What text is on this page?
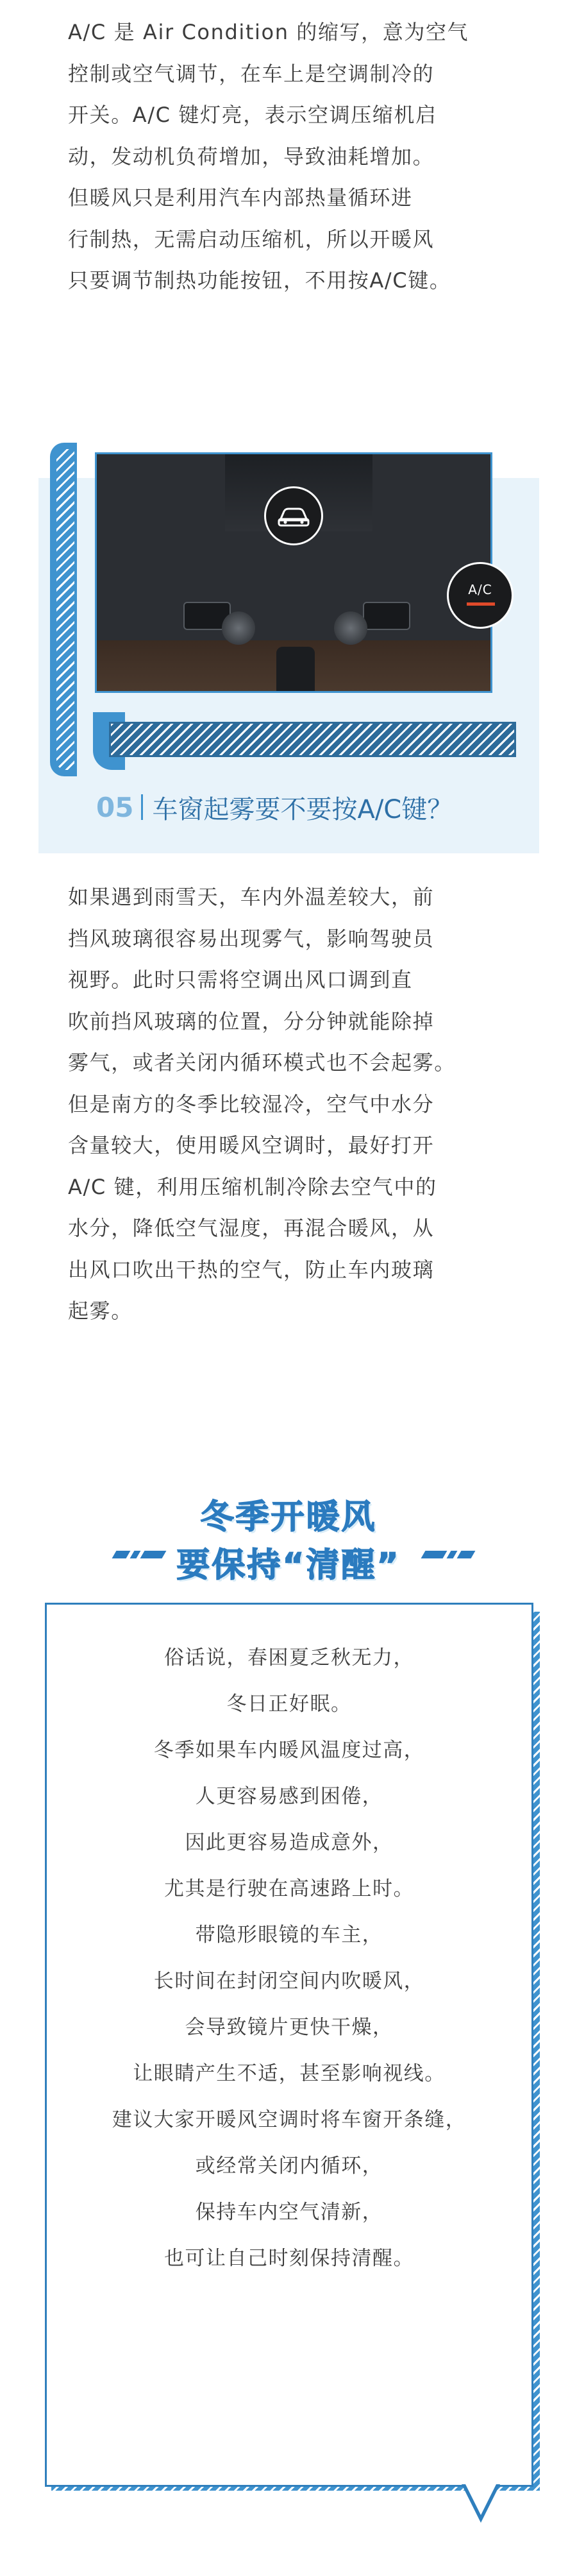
A/C 是 Air Condition 的缩写，意为空气
控制或空气调节，在车上是空调制冷的
开关。A/C 键灯亮，表示空调压缩机启
动，发动机负荷增加，导致油耗增加。
但暖风只是利用汽车内部热量循环进
行制热，无需启动压缩机，所以开暖风
只要调节制热功能按钮，不用按A/C键。
A/C
05 车窗起雾要不要按A/C键？
如果遇到雨雪天，车内外温差较大，前
挡风玻璃很容易出现雾气，影响驾驶员
视野。此时只需将空调出风口调到直
吹前挡风玻璃的位置，分分钟就能除掉
雾气，或者关闭内循环模式也不会起雾。
但是南方的冬季比较湿冷，空气中水分
含量较大，使用暖风空调时，最好打开
A/C 键，利用压缩机制冷除去空气中的
水分，降低空气湿度，再混合暖风，从
出风口吹出干热的空气，防止车内玻璃
起雾。
冬季开暖风
要保持“清醒”
俗话说，春困夏乏秋无力，
冬日正好眠。
冬季如果车内暖风温度过高，
人更容易感到困倦，
因此更容易造成意外，
尤其是行驶在高速路上时。
带隐形眼镜的车主，
长时间在封闭空间内吹暖风，
会导致镜片更快干燥，
让眼睛产生不适，甚至影响视线。
建议大家开暖风空调时将车窗开条缝，
或经常关闭内循环，
保持车内空气清新，
也可让自己时刻保持清醒。
